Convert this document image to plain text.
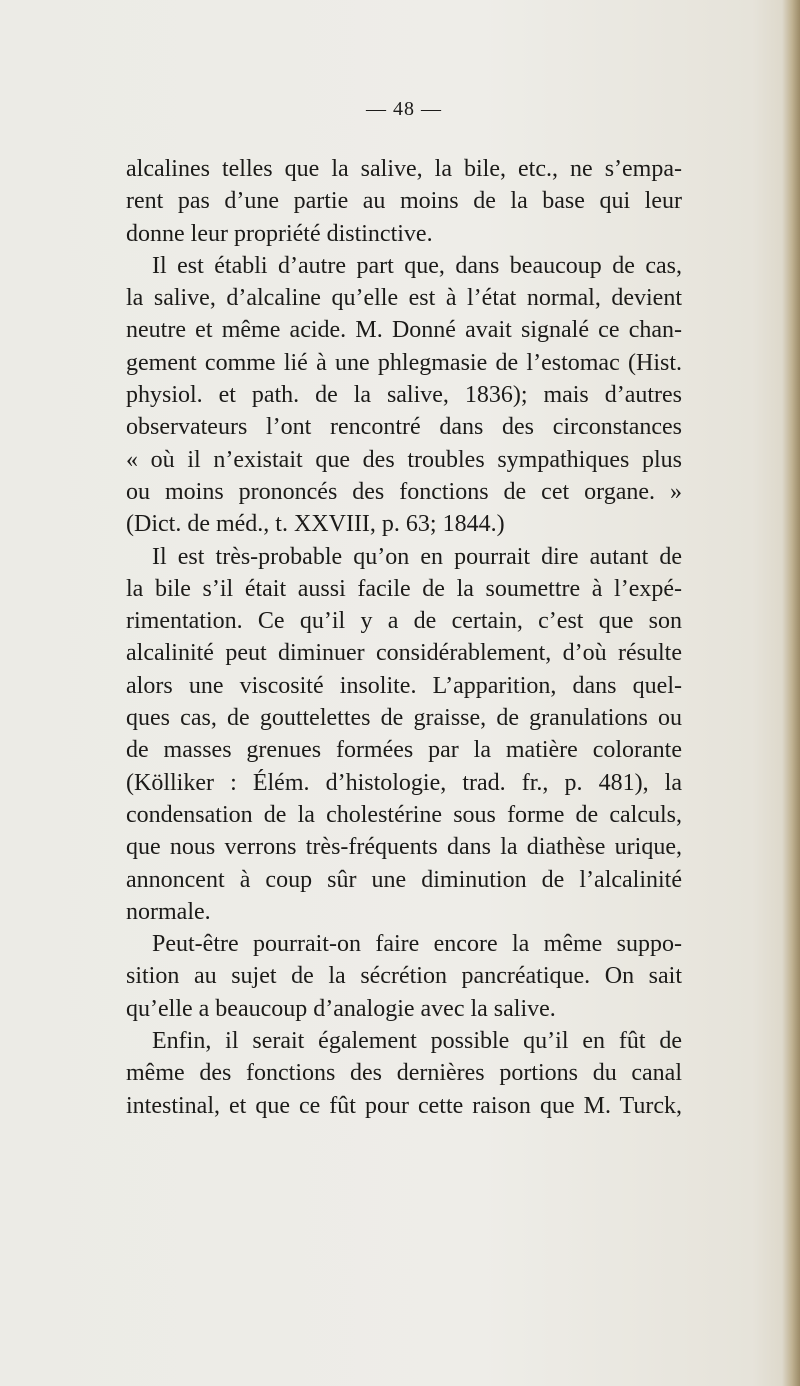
— 48 —
alcalines telles que la salive, la bile, etc., ne s’empa-
rent pas d’une partie au moins de la base qui leur
donne leur propriété distinctive.
Il est établi d’autre part que, dans beaucoup de cas,
la salive, d’alcaline qu’elle est à l’état normal, devient
neutre et même acide. M. Donné avait signalé ce chan-
gement comme lié à une phlegmasie de l’estomac (Hist.
physiol. et path. de la salive, 1836); mais d’autres
observateurs l’ont rencontré dans des circonstances
« où il n’existait que des troubles sympathiques plus
ou moins prononcés des fonctions de cet organe. »
(Dict. de méd., t. XXVIII, p. 63; 1844.)
Il est très-probable qu’on en pourrait dire autant de
la bile s’il était aussi facile de la soumettre à l’expé-
rimentation. Ce qu’il y a de certain, c’est que son
alcalinité peut diminuer considérablement, d’où résulte
alors une viscosité insolite. L’apparition, dans quel-
ques cas, de gouttelettes de graisse, de granulations ou
de masses grenues formées par la matière colorante
(Kölliker : Élém. d’histologie, trad. fr., p. 481), la
condensation de la cholestérine sous forme de calculs,
que nous verrons très-fréquents dans la diathèse urique,
annoncent à coup sûr une diminution de l’alcalinité
normale.
Peut-être pourrait-on faire encore la même suppo-
sition au sujet de la sécrétion pancréatique. On sait
qu’elle a beaucoup d’analogie avec la salive.
Enfin, il serait également possible qu’il en fût de
même des fonctions des dernières portions du canal
intestinal, et que ce fût pour cette raison que M. Turck,
